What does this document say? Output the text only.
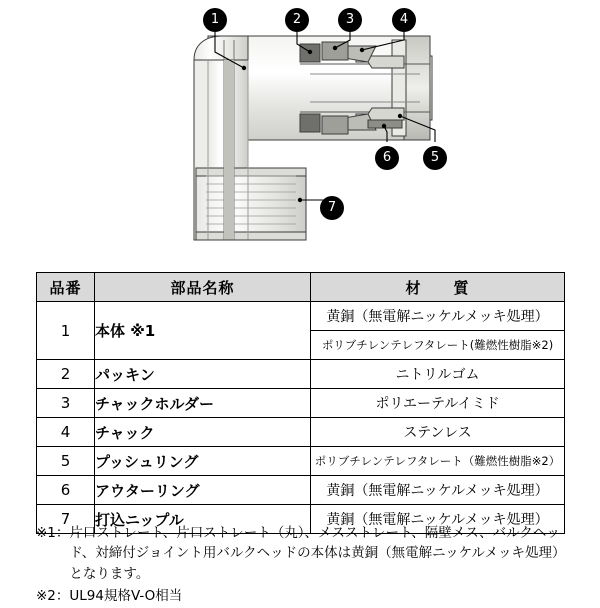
1	2	3	4
6	5
7
品番	部品名称	材　　質
1	本体 ※1	黄銅（無電解ニッケルメッキ処理）
		ポリブチレンテレフタレート(難燃性樹脂※2)
2	パッキン	ニトリルゴム
3	チャックホルダー	ポリエーテルイミド
4	チャック	ステンレス
5	プッシュリング	ポリブチレンテレフタレート（難燃性樹脂※2）
6	アウターリング	黄銅（無電解ニッケルメッキ処理）
7	打込ニップル	黄銅（無電解ニッケルメッキ処理）
※1： 片口ストレート、片口ストレート（丸）、メスストレート、隔壁メス、バルクヘッド、対締付ジョイント用バルクヘッドの本体は黄銅（無電解ニッケルメッキ処理）となります。
※2： UL94規格V-O相当
